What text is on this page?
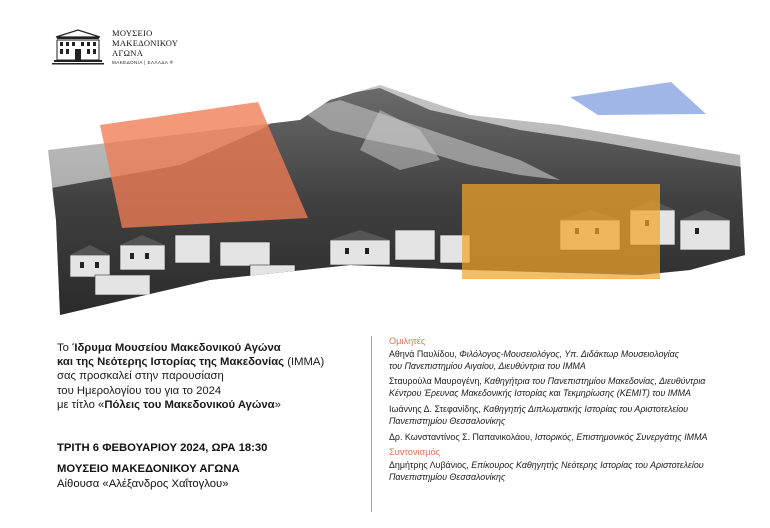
ΜΟΥΣΕΙΟ
ΜΑΚΕΔΟΝΙΚΟΥ
ΑΓΩΝΑ
ΜΑΚΕΔΟΝΙΑ | ΕΛΛΑΔΑ ®
Το Ίδρυμα Μουσείου Μακεδονικού Αγώνα
και της Νεότερης Ιστορίας της Μακεδονίας (ΙΜΜΑ)
σας προσκαλεί στην παρουσίαση
του Ημερολογίου του για το 2024
με τίτλο «Πόλεις του Μακεδονικού Αγώνα»
ΤΡΙΤΗ 6 ΦΕΒΟΥΑΡΙΟΥ 2024, ΩΡΑ 18:30
ΜΟΥΣΕΙΟ ΜΑΚΕΔΟΝΙΚΟΥ ΑΓΩΝΑ
Αίθουσα «Αλέξανδρος Χαΐτογλου»
Ομιλητές
Αθηνά Παυλίδου, Φιλόλογος-Μουσειολόγος, Υπ. Διδάκτωρ Μουσειολογίας
του Πανεπιστημίου Αιγαίου, Διευθύντρια του ΙΜΜΑ
Σταυρούλα Μαυρογένη, Καθηγήτρια του Πανεπιστημίου Μακεδονίας, Διευθύντρια
Κέντρου Έρευνας Μακεδονικής Ιστορίας και Τεκμηρίωσης (ΚΕΜΙΤ) του ΙΜΜΑ
Ιωάννης Δ. Στεφανίδης, Καθηγητής Διπλωματικής Ιστορίας του Αριστοτελείου
Πανεπιστημίου Θεσσαλονίκης
Δρ. Κωνσταντίνος Σ. Παπανικολάου, Ιστορικός, Επιστημονικός Συνεργάτης ΙΜΜΑ
Συντονισμός
Δημήτρης Λυβάνιος, Επίκουρος Καθηγητής Νεότερης Ιστορίας του Αριστοτελείου
Πανεπιστημίου Θεσσαλονίκης
